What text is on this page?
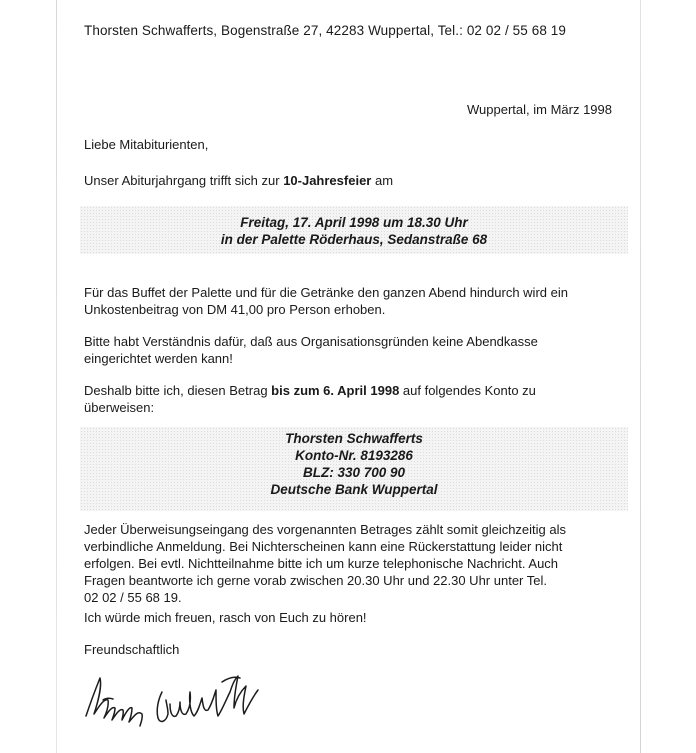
Thorsten Schwafferts, Bogenstraße 27, 42283 Wuppertal, Tel.: 02 02 / 55 68 19

Wuppertal, im März 1998

Liebe Mitabiturienten,

Unser Abiturjahrgang trifft sich zur 10-Jahresfeier am

Freitag, 17. April 1998 um 18.30 Uhr
in der Palette Röderhaus, Sedanstraße 68

Für das Buffet der Palette und für die Getränke den ganzen Abend hindurch wird ein

Unkostenbeitrag von DM 41,00 pro Person erhoben.

Bitte habt Verständnis dafür, daß aus Organisationsgründen keine Abendkasse

eingerichtet werden kann!

Deshalb bitte ich, diesen Betrag bis zum 6. April 1998 auf folgendes Konto zu

überweisen:

Thorsten Schwafferts
Konto-Nr. 8193286
BLZ: 330 700 90
Deutsche Bank Wuppertal

Jeder Überweisungseingang des vorgenannten Betrages zählt somit gleichzeitig als

verbindliche Anmeldung. Bei Nichterscheinen kann eine Rückerstattung leider nicht

erfolgen. Bei evtl. Nichtteilnahme bitte ich um kurze telephonische Nachricht. Auch

Fragen beantworte ich gerne vorab zwischen 20.30 Uhr und 22.30 Uhr unter Tel.

02 02 / 55 68 19.

Ich würde mich freuen, rasch von Euch zu hören!

Freundschaftlich
